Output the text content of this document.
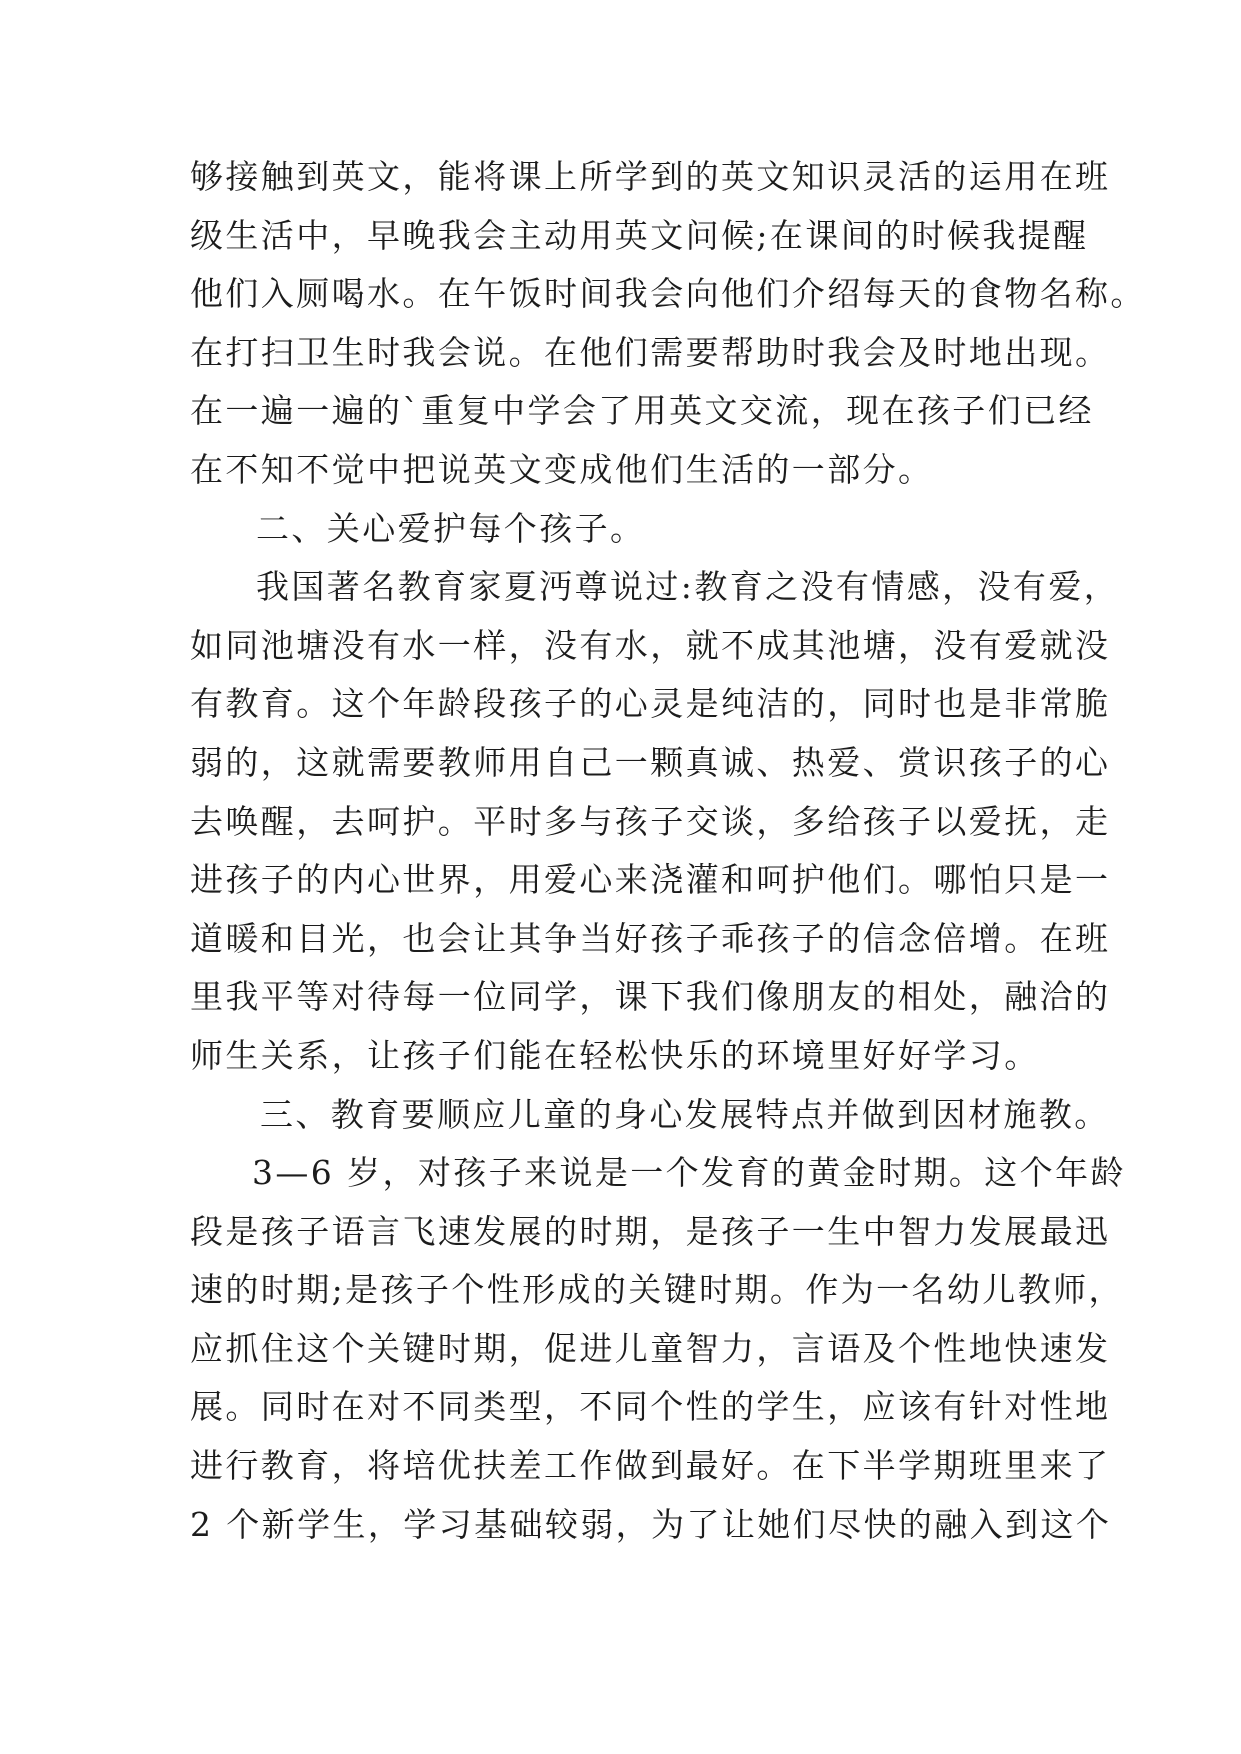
够接触到英文，能将课上所学到的英文知识灵活的运用在班
级生活中，早晚我会主动用英文问候;在课间的时候我提醒
他们入厕喝水。在午饭时间我会向他们介绍每天的食物名称。
在打扫卫生时我会说。在他们需要帮助时我会及时地出现。
在一遍一遍的`重复中学会了用英文交流，现在孩子们已经
在不知不觉中把说英文变成他们生活的一部分。
二、关心爱护每个孩子。
我国著名教育家夏沔尊说过:教育之没有情感，没有爱，
如同池塘没有水一样，没有水，就不成其池塘，没有爱就没
有教育。这个年龄段孩子的心灵是纯洁的，同时也是非常脆
弱的，这就需要教师用自己一颗真诚、热爱、赏识孩子的心
去唤醒，去呵护。平时多与孩子交谈，多给孩子以爱抚，走
进孩子的内心世界，用爱心来浇灌和呵护他们。哪怕只是一
道暖和目光，也会让其争当好孩子乖孩子的信念倍增。在班
里我平等对待每一位同学，课下我们像朋友的相处，融洽的
师生关系，让孩子们能在轻松快乐的环境里好好学习。
三、教育要顺应儿童的身心发展特点并做到因材施教。
3—6 岁，对孩子来说是一个发育的黄金时期。这个年龄
段是孩子语言飞速发展的时期，是孩子一生中智力发展最迅
速的时期;是孩子个性形成的关键时期。作为一名幼儿教师，
应抓住这个关键时期，促进儿童智力，言语及个性地快速发
展。同时在对不同类型，不同个性的学生，应该有针对性地
进行教育，将培优扶差工作做到最好。在下半学期班里来了
2 个新学生，学习基础较弱，为了让她们尽快的融入到这个
